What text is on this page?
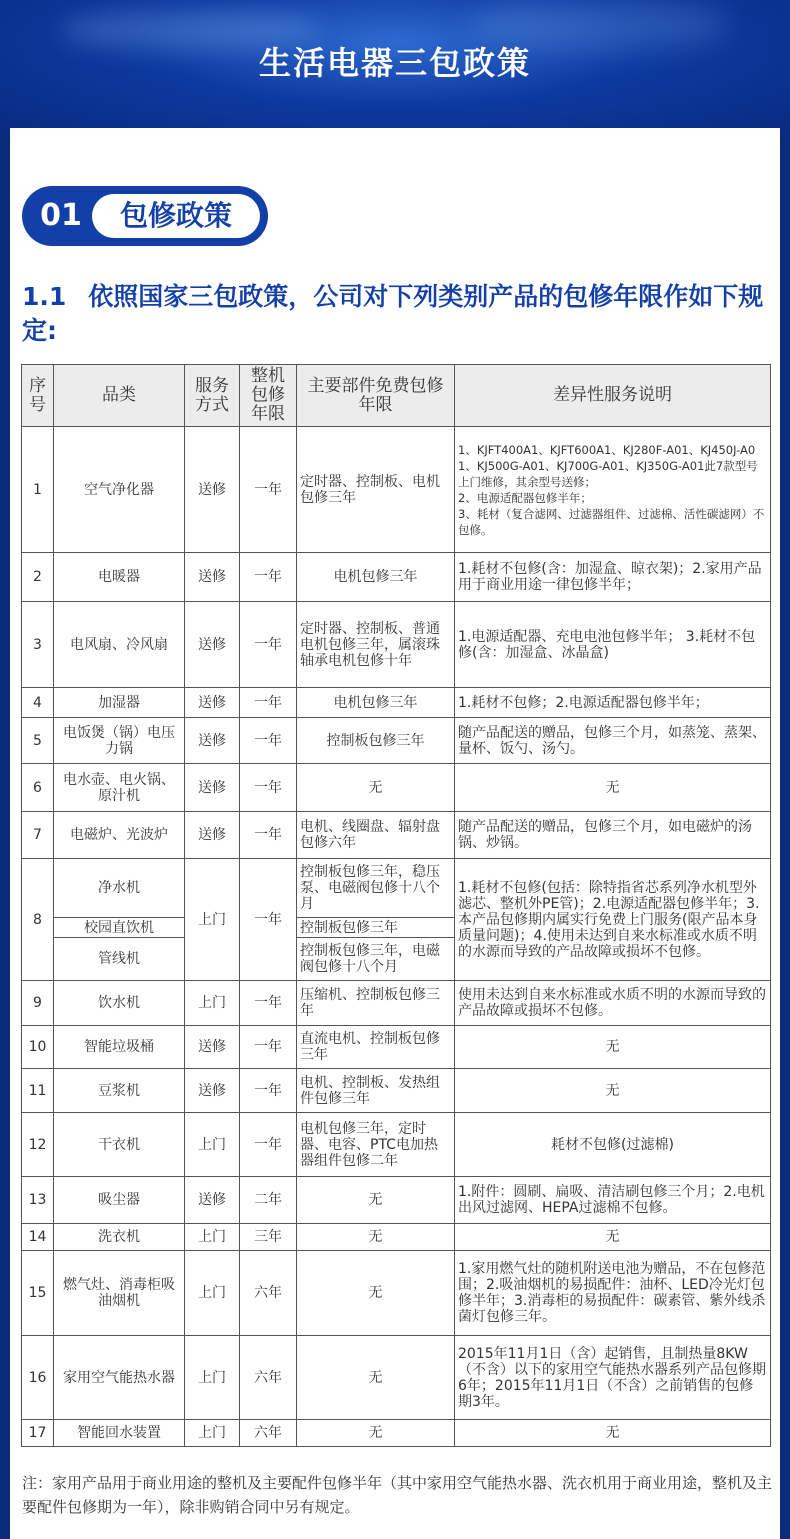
生活电器三包政策
01	包修政策
1.1 依照国家三包政策，公司对下列类别产品的包修年限作如下规定:
序号	品类	服务方式	整机包修年限	主要部件免费包修年限	差异性服务说明
1	空气净化器	送修	一年	定时器、控制板、电机包修三年	1、KJFT400A1、KJFT600A1、KJ280F-A01、KJ450J-A01、KJ500G-A01、KJ700G-A01、KJ350G-A01此7款型号上门维修，其余型号送修；
2、电源适配器包修半年；
3、耗材（复合滤网、过滤器组件、过滤棉、活性碳滤网）不包修。

2	电暖器	送修	一年	电机包修三年	1.耗材不包修(含：加湿盒、晾衣架)；2.家用产品用于商业用途一律包修半年；
3	电风扇、冷风扇	送修	一年	定时器、控制板、普通电机包修三年，属滚珠轴承电机包修十年	1.电源适配器、充电电池包修半年； 3.耗材不包修(含：加湿盒、冰晶盒)
4	加湿器	送修	一年	电机包修三年	1.耗材不包修；2.电源适配器包修半年；
5	电饭煲（锅）电压力锅	送修	一年	控制板包修三年	随产品配送的赠品，包修三个月，如蒸笼、蒸架、量杯、饭勺、汤勺。
6	电水壶、电火锅、原汁机	送修	一年	无	无
7	电磁炉、光波炉	送修	一年	电机、线圈盘、辐射盘包修六年	随产品配送的赠品，包修三个月，如电磁炉的汤锅、炒锅。
8	净水机	上门	一年	控制板包修三年，稳压泵、电磁阀包修十八个月	1.耗材不包修(包括：除特指省芯系列净水机型外滤芯、整机外PE管)；2.电源适配器包修半年；3.本产品包修期内属实行免费上门服务(限产品本身质量问题)；4.使用未达到自来水标准或水质不明的水源而导致的产品故障或损坏不包修。
	校园直饮机			控制板包修三年	
	管线机			控制板包修三年，电磁阀包修十八个月	
9	饮水机	上门	一年	压缩机、控制板包修三年	使用未达到自来水标准或水质不明的水源而导致的产品故障或损坏不包修。
10	智能垃圾桶	送修	一年	直流电机、控制板包修三年	无
11	豆浆机	送修	一年	电机、控制板、发热组件包修三年	无
12	干衣机	上门	一年	电机包修三年，定时器、电容、PTC电加热器组件包修二年	耗材不包修(过滤棉)
13	吸尘器	送修	二年	无	1.附件：圆刷、扁吸、清洁刷包修三个月；2.电机出风过滤网、HEPA过滤棉不包修。
14	洗衣机	上门	三年	无	无
15	燃气灶、消毒柜吸油烟机	上门	六年	无	1.家用燃气灶的随机附送电池为赠品，不在包修范围；2.吸油烟机的易损配件：油杯、LED冷光灯包修半年；3.消毒柜的易损配件：碳素管、紫外线杀菌灯包修三年。
16	家用空气能热水器	上门	六年	无	2015年11月1日（含）起销售，且制热量8KW（不含）以下的家用空气能热水器系列产品包修期6年；2015年11月1日（不含）之前销售的包修期3年。
17	智能回水装置	上门	六年	无	无
注：家用产品用于商业用途的整机及主要配件包修半年（其中家用空气能热水器、洗衣机用于商业用途，整机及主要配件包修期为一年），除非购销合同中另有规定。
